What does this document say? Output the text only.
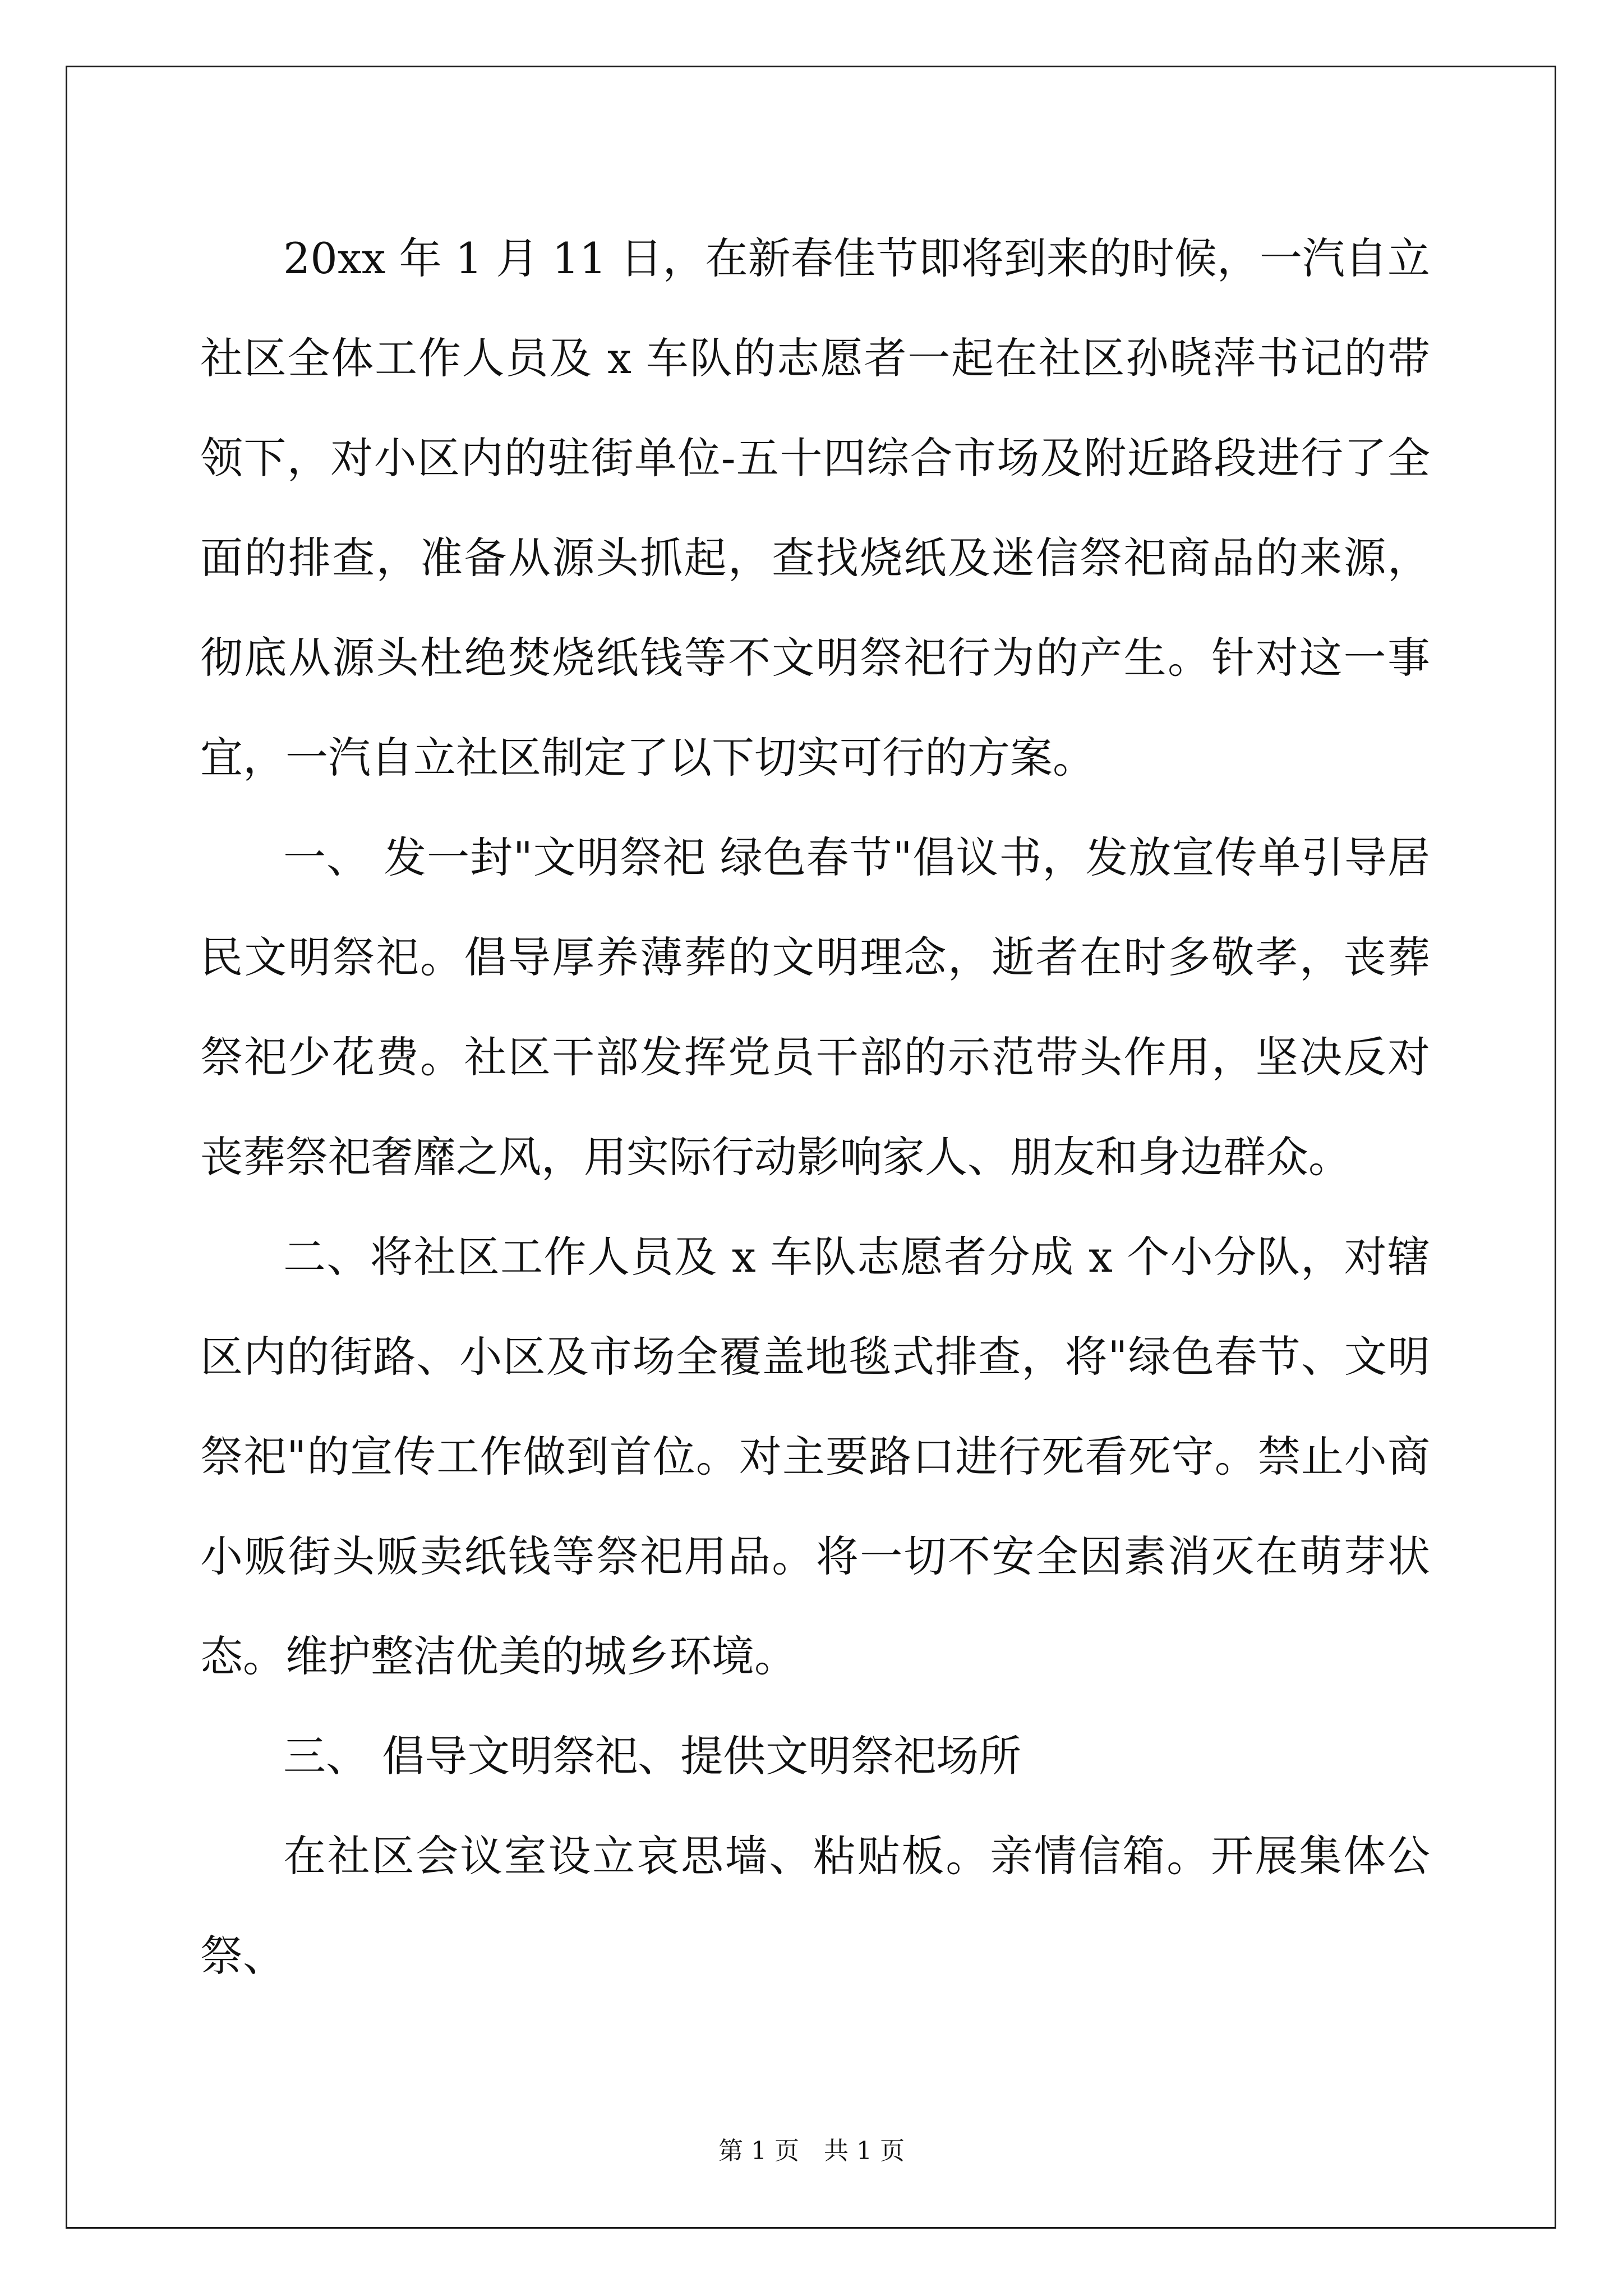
20xx 年 1 月 11 日，在新春佳节即将到来的时候，一汽自立社区全体工作人员及 x 车队的志愿者一起在社区孙晓萍书记的带领下，对小区内的驻街单位-五十四综合市场及附近路段进行了全面的排查，准备从源头抓起，查找烧纸及迷信祭祀商品的来源，彻底从源头杜绝焚烧纸钱等不文明祭祀行为的产生。针对这一事宜，一汽自立社区制定了以下切实可行的方案。

一、 发一封"文明祭祀 绿色春节"倡议书，发放宣传单引导居民文明祭祀。倡导厚养薄葬的文明理念，逝者在时多敬孝，丧葬祭祀少花费。社区干部发挥党员干部的示范带头作用，坚决反对丧葬祭祀奢靡之风，用实际行动影响家人、朋友和身边群众。

二、将社区工作人员及 x 车队志愿者分成 x 个小分队，对辖区内的街路、小区及市场全覆盖地毯式排查，将"绿色春节、文明祭祀"的宣传工作做到首位。对主要路口进行死看死守。禁止小商小贩街头贩卖纸钱等祭祀用品。将一切不安全因素消灭在萌芽状态。维护整洁优美的城乡环境。

三、 倡导文明祭祀、提供文明祭祀场所

在社区会议室设立哀思墙、粘贴板。亲情信箱。开展集体公祭、

第 1 页 共 1 页
